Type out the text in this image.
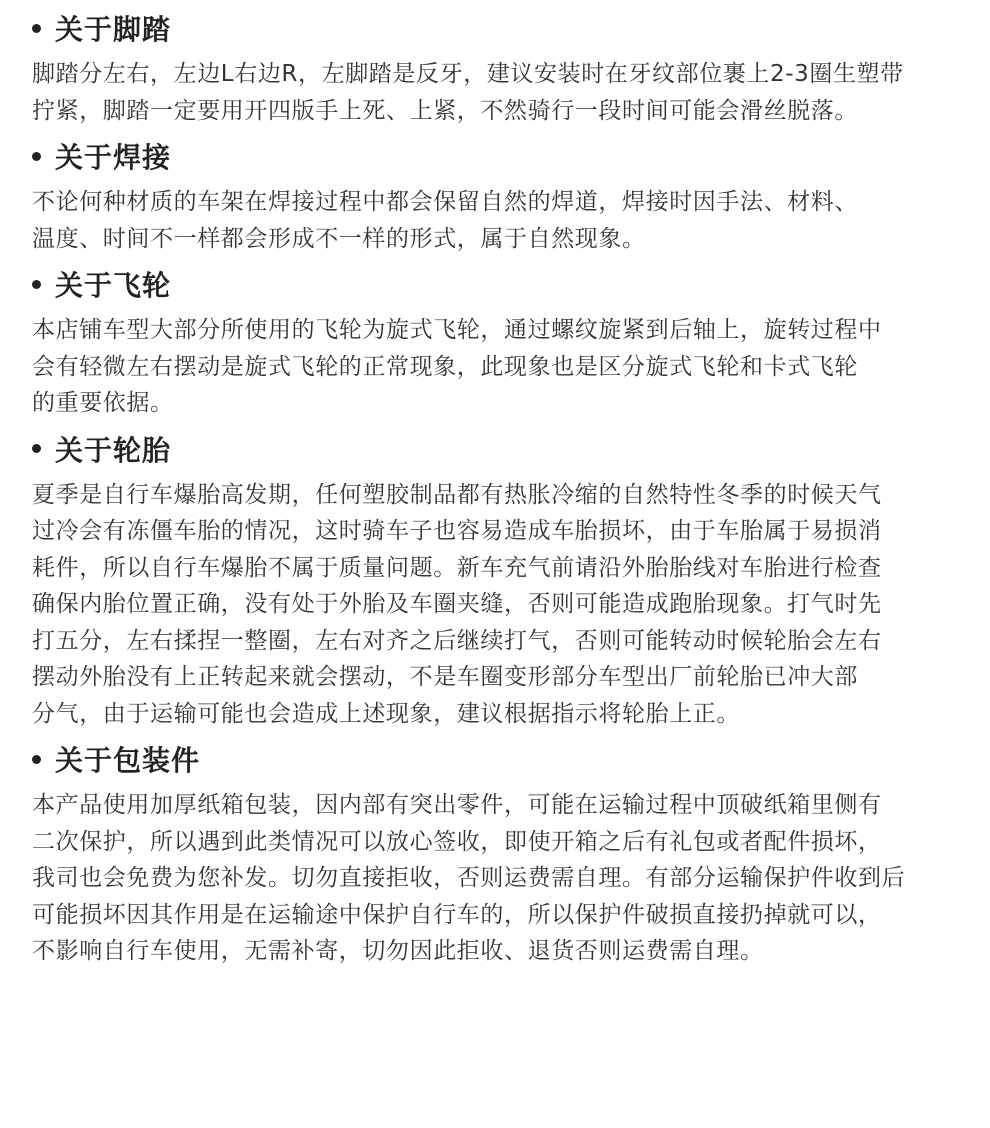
关于脚踏

脚踏分左右，左边L右边R，左脚踏是反牙，建议安装时在牙纹部位裹上2-3圈生塑带
拧紧，脚踏一定要用开四版手上死、上紧，不然骑行一段时间可能会滑丝脱落。

关于焊接

不论何种材质的车架在焊接过程中都会保留自然的焊道，焊接时因手法、材料、
温度、时间不一样都会形成不一样的形式，属于自然现象。

关于飞轮

本店铺车型大部分所使用的飞轮为旋式飞轮，通过螺纹旋紧到后轴上，旋转过程中
会有轻微左右摆动是旋式飞轮的正常现象，此现象也是区分旋式飞轮和卡式飞轮
的重要依据。

关于轮胎

夏季是自行车爆胎高发期，任何塑胶制品都有热胀冷缩的自然特性冬季的时候天气
过冷会有冻僵车胎的情况，这时骑车子也容易造成车胎损坏，由于车胎属于易损消
耗件，所以自行车爆胎不属于质量问题。新车充气前请沿外胎胎线对车胎进行检查
确保内胎位置正确，没有处于外胎及车圈夹缝，否则可能造成跑胎现象。打气时先
打五分，左右揉捏一整圈，左右对齐之后继续打气，否则可能转动时候轮胎会左右
摆动外胎没有上正转起来就会摆动，不是车圈变形部分车型出厂前轮胎已冲大部
分气，由于运输可能也会造成上述现象，建议根据指示将轮胎上正。

关于包装件

本产品使用加厚纸箱包装，因内部有突出零件，可能在运输过程中顶破纸箱里侧有
二次保护，所以遇到此类情况可以放心签收，即使开箱之后有礼包或者配件损坏，
我司也会免费为您补发。切勿直接拒收，否则运费需自理。有部分运输保护件收到后
可能损坏因其作用是在运输途中保护自行车的，所以保护件破损直接扔掉就可以，
不影响自行车使用，无需补寄，切勿因此拒收、退货否则运费需自理。
